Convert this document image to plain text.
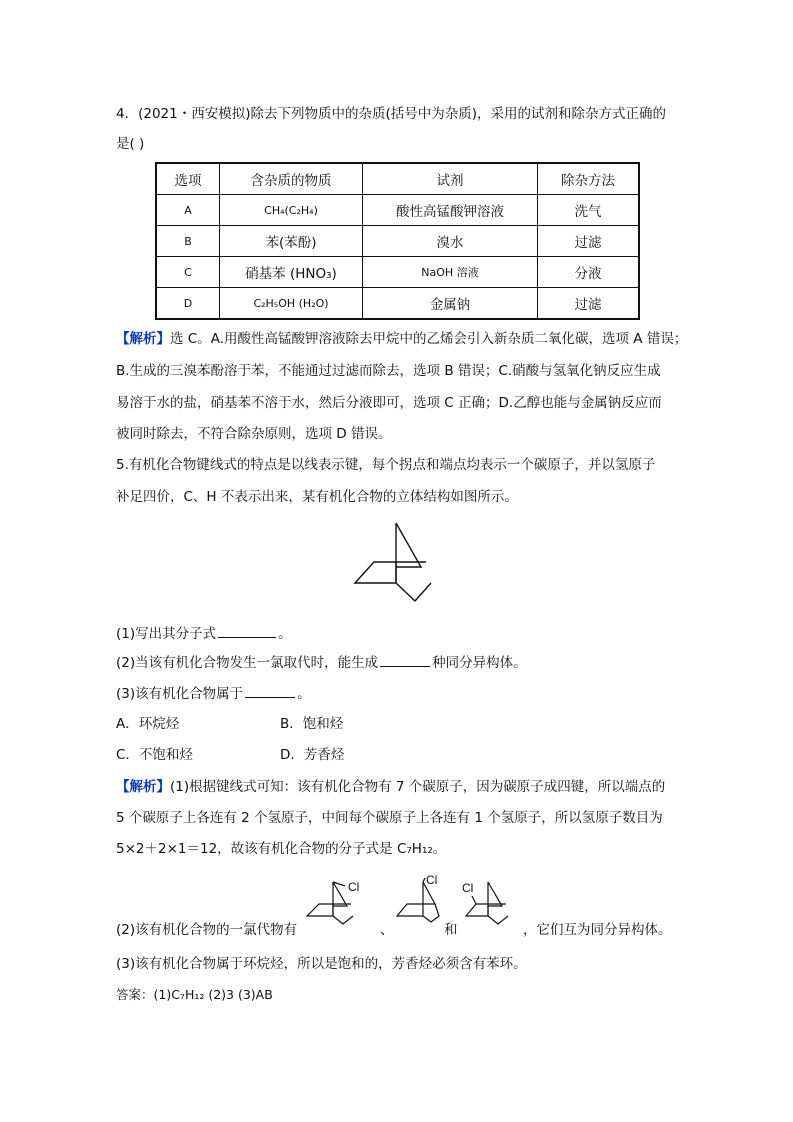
4．(2021・西安模拟)除去下列物质中的杂质(括号中为杂质)，采用的试剂和除杂方式正确的
是( )
选项	含杂质的物质	试剂	除杂方法
A	CH₄(C₂H₄)	酸性高锰酸钾溶液	洗气
B	苯(苯酚)	溴水	过滤
C	硝基苯 (HNO₃)	NaOH 溶液	分液
D	C₂H₅OH (H₂O)	金属钠	过滤
【解析】选 C。A.用酸性高锰酸钾溶液除去甲烷中的乙烯会引入新杂质二氧化碳，选项 A 错误；
B.生成的三溴苯酚溶于苯，不能通过过滤而除去，选项 B 错误；C.硝酸与氢氧化钠反应生成
易溶于水的盐，硝基苯不溶于水，然后分液即可，选项 C 正确；D.乙醇也能与金属钠反应而
被同时除去，不符合除杂原则，选项 D 错误。
5.有机化合物键线式的特点是以线表示键，每个拐点和端点均表示一个碳原子，并以氢原子
补足四价，C、H 不表示出来，某有机化合物的立体结构如图所示。
(1)写出其分子式	。
(2)当该有机化合物发生一氯取代时，能生成	种同分异构体。
(3)该有机化合物属于	。
A．环烷烃	B．饱和烃
C．不饱和烃	D．芳香烃
【解析】(1)根据键线式可知：该有机化合物有 7 个碳原子，因为碳原子成四键，所以端点的
5 个碳原子上各连有 2 个氢原子，中间每个碳原子上各连有 1 个氢原子，所以氢原子数目为
5×2＋2×1＝12，故该有机化合物的分子式是 C₇H₁₂。
Cl
、
Cl
和
Cl
(2)该有机化合物的一氯代物有	，它们互为同分异构体。
(3)该有机化合物属于环烷烃，所以是饱和的，芳香烃必须含有苯环。
答案：(1)C₇H₁₂ (2)3 (3)AB
